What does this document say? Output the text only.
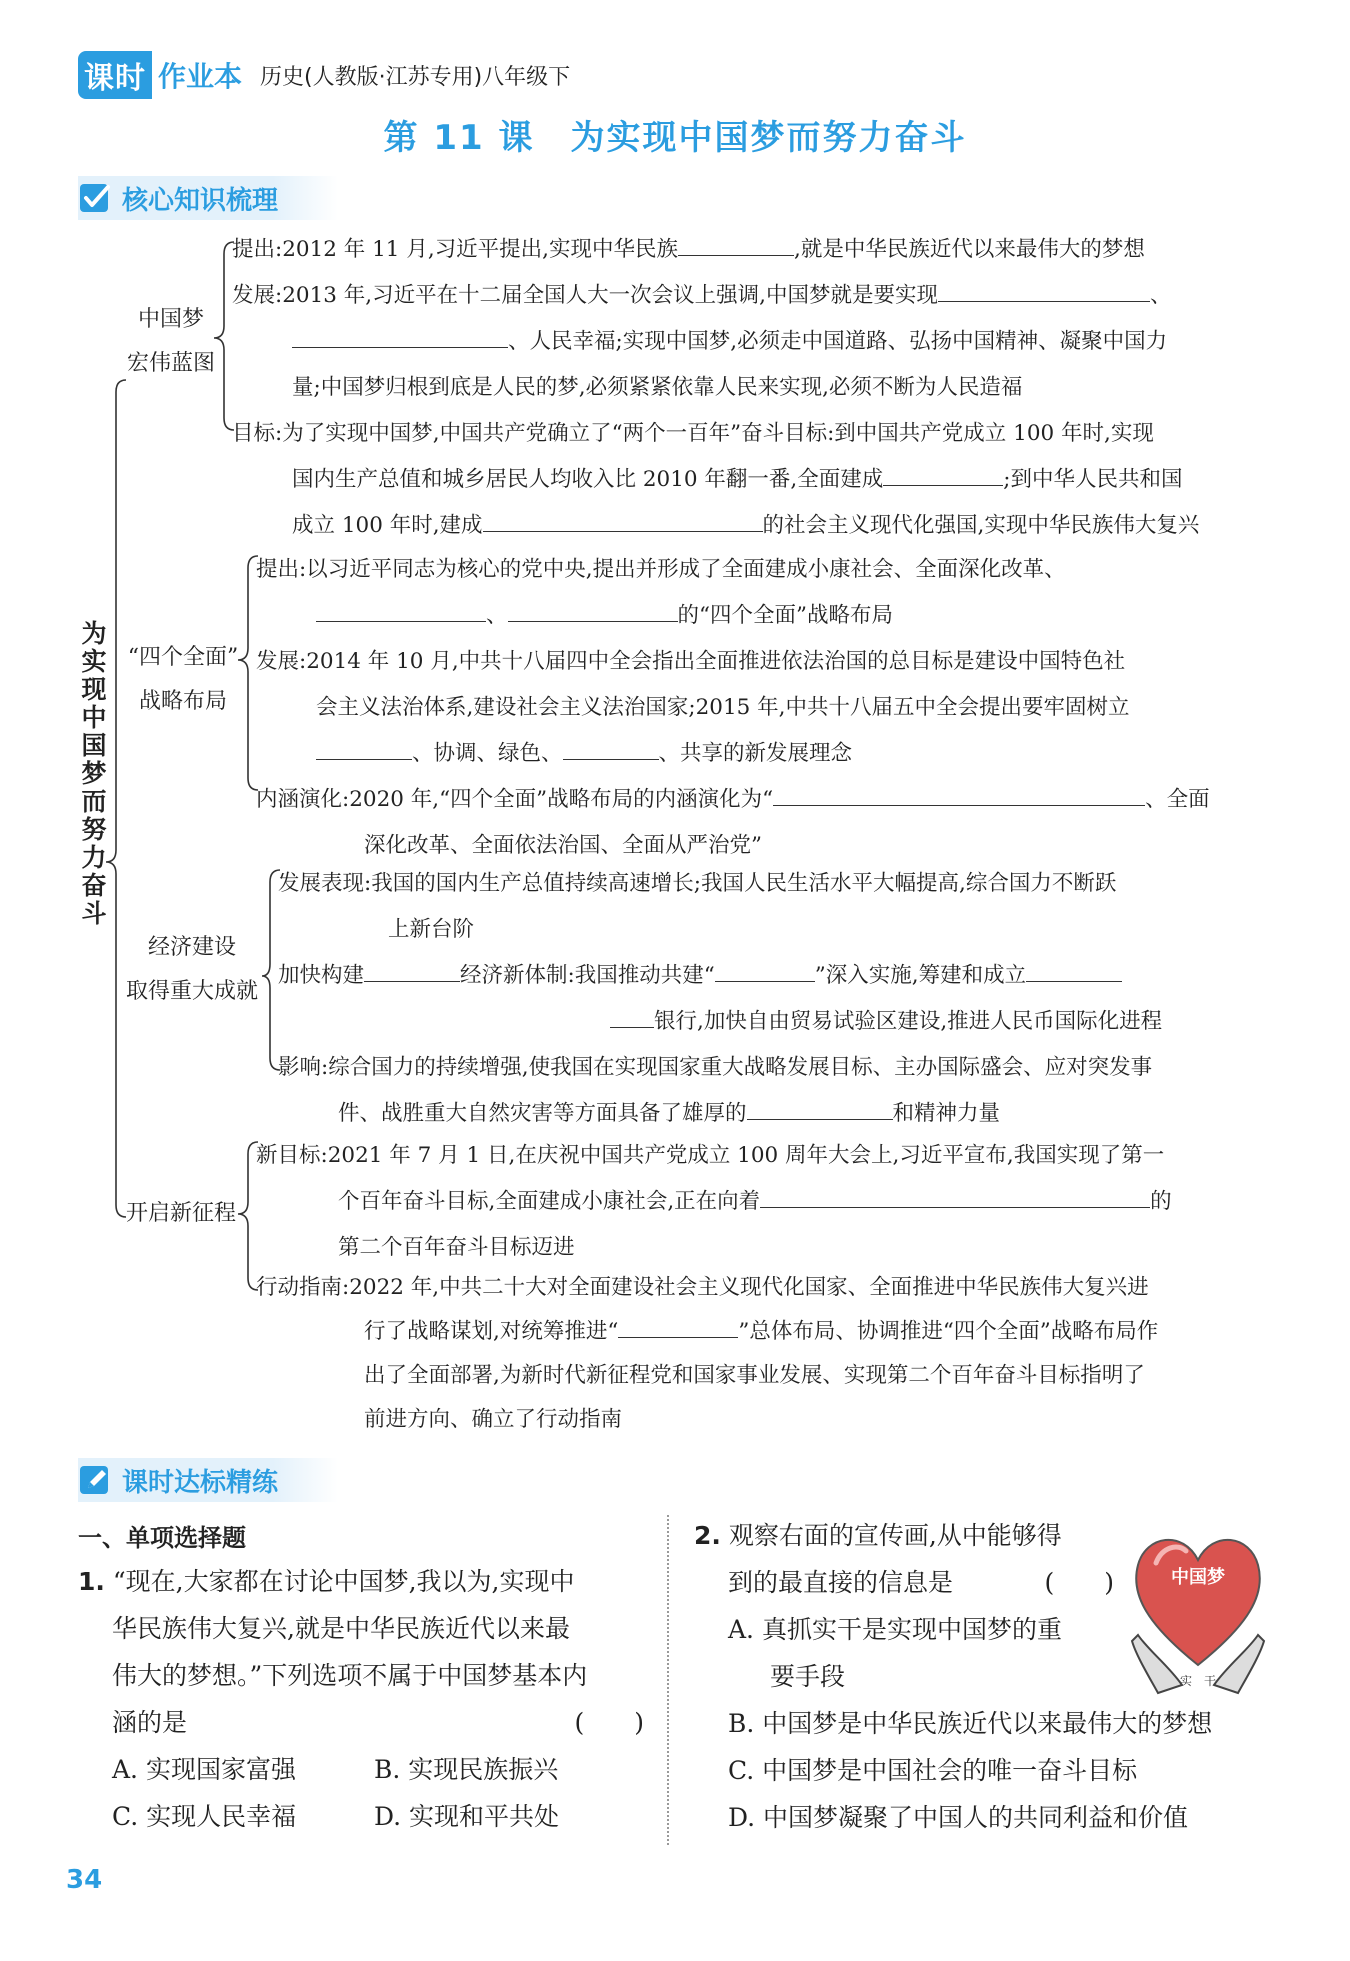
课时 作业本 历史(人教版·江苏专用)八年级下
第 11 课　为实现中国梦而努力奋斗
核心知识梳理
为实现中国梦而努力奋斗
中国梦
宏伟蓝图
“四个全面”
战略布局
经济建设
取得重大成就
开启新征程
提出:2012 年 11 月,习近平提出,实现中华民族	,就是中华民族近代以来最伟大的梦想
发展:2013 年,习近平在十二届全国人大一次会议上强调,中国梦就是要实现	、
、人民幸福;实现中国梦,必须走中国道路、弘扬中国精神、凝聚中国力
量;中国梦归根到底是人民的梦,必须紧紧依靠人民来实现,必须不断为人民造福
目标:为了实现中国梦,中国共产党确立了“两个一百年”奋斗目标:到中国共产党成立 100 年时,实现
国内生产总值和城乡居民人均收入比 2010 年翻一番,全面建成	;到中华人民共和国
成立 100 年时,建成	的社会主义现代化强国,实现中华民族伟大复兴
提出:以习近平同志为核心的党中央,提出并形成了全面建成小康社会、全面深化改革、
、	的“四个全面”战略布局
发展:2014 年 10 月,中共十八届四中全会指出全面推进依法治国的总目标是建设中国特色社
会主义法治体系,建设社会主义法治国家;2015 年,中共十八届五中全会提出要牢固树立
、协调、绿色、	、共享的新发展理念
内涵演化:2020 年,“四个全面”战略布局的内涵演化为“	、全面
深化改革、全面依法治国、全面从严治党”
发展表现:我国的国内生产总值持续高速增长;我国人民生活水平大幅提高,综合国力不断跃
上新台阶
加快构建	经济新体制:我国推动共建“	”深入实施,筹建和成立
银行,加快自由贸易试验区建设,推进人民币国际化进程
影响:综合国力的持续增强,使我国在实现国家重大战略发展目标、主办国际盛会、应对突发事
件、战胜重大自然灾害等方面具备了雄厚的	和精神力量
新目标:2021 年 7 月 1 日,在庆祝中国共产党成立 100 周年大会上,习近平宣布,我国实现了第一
个百年奋斗目标,全面建成小康社会,正在向着	的
第二个百年奋斗目标迈进
行动指南:2022 年,中共二十大对全面建设社会主义现代化国家、全面推进中华民族伟大复兴进
行了战略谋划,对统筹推进“	”总体布局、协调推进“四个全面”战略布局作
出了全面部署,为新时代新征程党和国家事业发展、实现第二个百年奋斗目标指明了
前进方向、确立了行动指南
课时达标精练
一、单项选择题
1. “现在,大家都在讨论中国梦,我以为,实现中
华民族伟大复兴,就是中华民族近代以来最
伟大的梦想。”下列选项不属于中国梦基本内
涵的是	(　　)
A. 实现国家富强	B. 实现民族振兴
C. 实现人民幸福	D. 实现和平共处
2. 观察右面的宣传画,从中能够得
到的最直接的信息是	(　　)
A. 真抓实干是实现中国梦的重
要手段
B. 中国梦是中华民族近代以来最伟大的梦想
C. 中国梦是中国社会的唯一奋斗目标
D. 中国梦凝聚了中国人的共同利益和价值
中国梦
实　干
34
